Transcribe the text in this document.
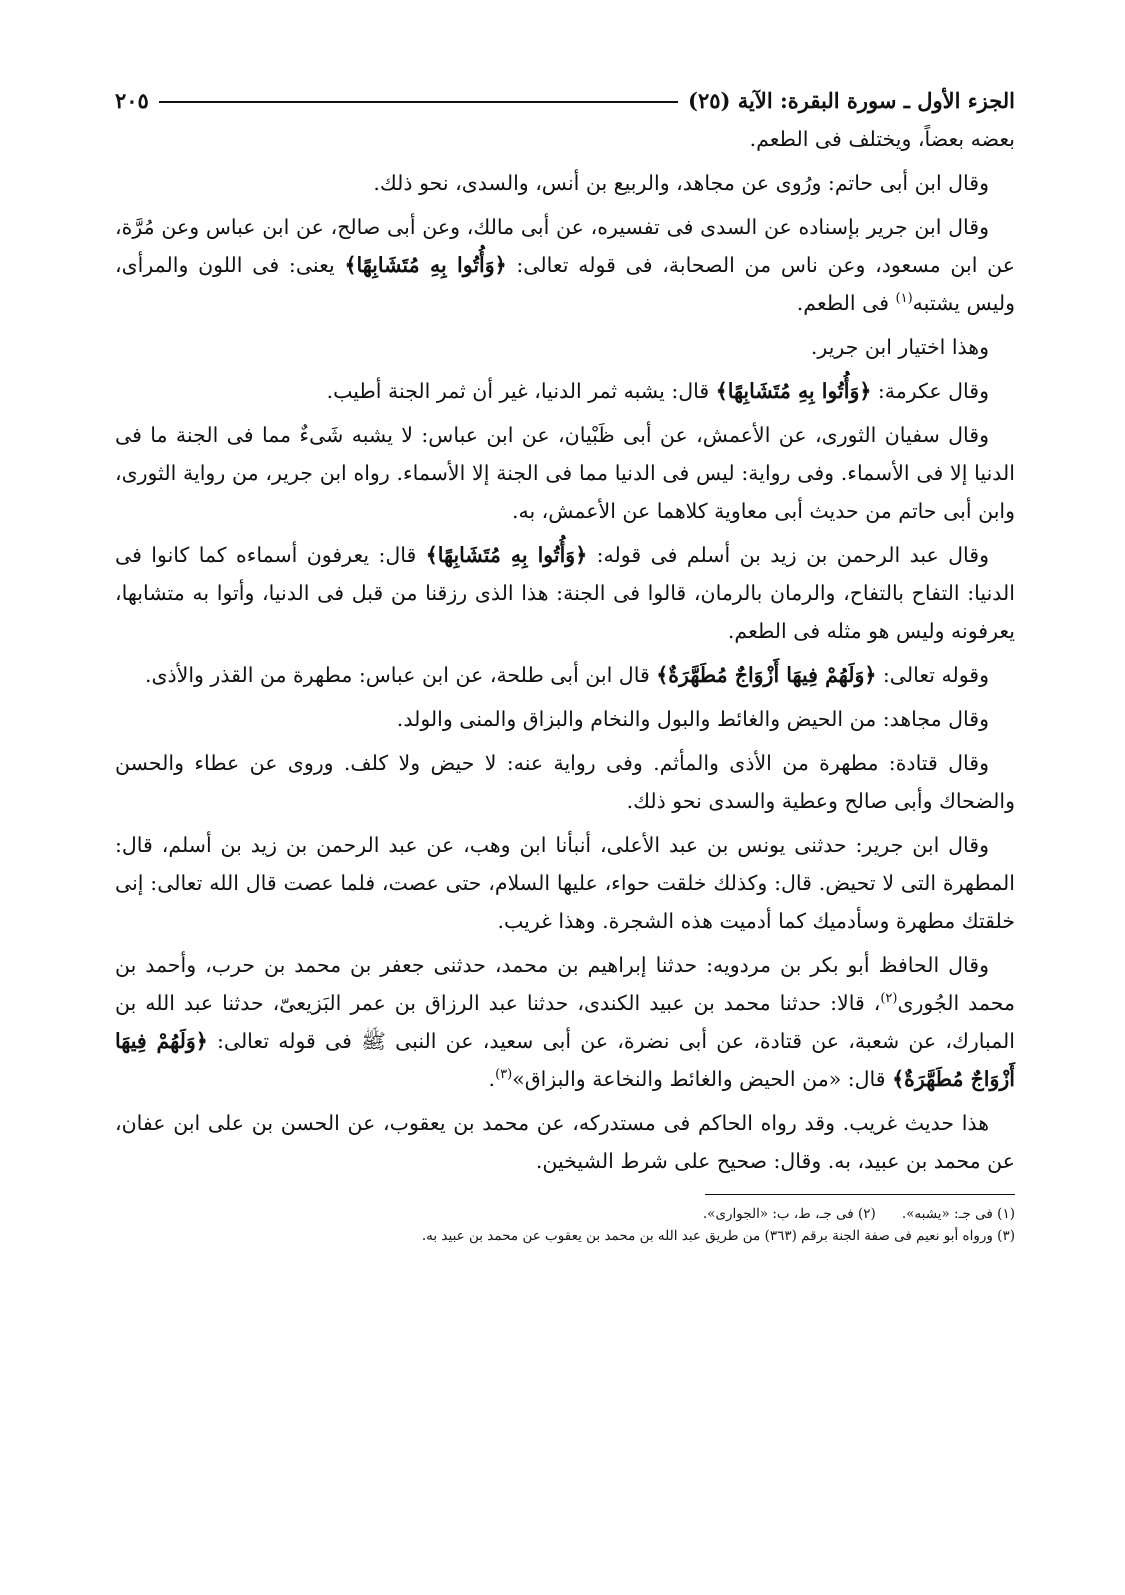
الجزء الأول ـ سورة البقرة: الآية (٢٥)
٢٠٥

بعضه بعضاً، ويختلف فى الطعم.

وقال ابن أبى حاتم: ورُوى عن مجاهد، والربيع بن أنس، والسدى، نحو ذلك.

وقال ابن جرير بإسناده عن السدى فى تفسيره، عن أبى مالك، وعن أبى صالح، عن ابن عباس وعن مُرَّة، عن ابن مسعود، وعن ناس من الصحابة، فى قوله تعالى: ﴿وَأُتُوا بِهِ مُتَشَابِهًا﴾ يعنى: فى اللون والمرأى، وليس يشتبه$^{(١)}$ فى الطعم.

وهذا اختيار ابن جرير.

وقال عكرمة: ﴿وَأُتُوا بِهِ مُتَشَابِهًا﴾ قال: يشبه ثمر الدنيا، غير أن ثمر الجنة أطيب.

وقال سفيان الثورى، عن الأعمش، عن أبى ظَبْيان، عن ابن عباس: لا يشبه شَىءٌ مما فى الجنة ما فى الدنيا إلا فى الأسماء. وفى رواية: ليس فى الدنيا مما فى الجنة إلا الأسماء. رواه ابن جرير، من رواية الثورى، وابن أبى حاتم من حديث أبى معاوية كلاهما عن الأعمش، به.

وقال عبد الرحمن بن زيد بن أسلم فى قوله: ﴿وَأُتُوا بِهِ مُتَشَابِهًا﴾ قال: يعرفون أسماءه كما كانوا فى الدنيا: التفاح بالتفاح، والرمان بالرمان، قالوا فى الجنة: هذا الذى رزقنا من قبل فى الدنيا، وأتوا به متشابها، يعرفونه وليس هو مثله فى الطعم.

وقوله تعالى: ﴿وَلَهُمْ فِيهَا أَزْوَاجٌ مُطَهَّرَةٌ﴾ قال ابن أبى طلحة، عن ابن عباس: مطهرة من القذر والأذى.

وقال مجاهد: من الحيض والغائط والبول والنخام والبزاق والمنى والولد.

وقال قتادة: مطهرة من الأذى والمأثم. وفى رواية عنه: لا حيض ولا كلف. وروى عن عطاء والحسن والضحاك وأبى صالح وعطية والسدى نحو ذلك.

وقال ابن جرير: حدثنى يونس بن عبد الأعلى، أنبأنا ابن وهب، عن عبد الرحمن بن زيد بن أسلم، قال: المطهرة التى لا تحيض. قال: وكذلك خلقت حواء، عليها السلام، حتى عصت، فلما عصت قال الله تعالى: إنى خلقتك مطهرة وسأدميك كما أدميت هذه الشجرة. وهذا غريب.

وقال الحافظ أبو بكر بن مردويه: حدثنا إبراهيم بن محمد، حدثنى جعفر بن محمد بن حرب، وأحمد بن محمد الجُورى$^{(٢)}$، قالا: حدثنا محمد بن عبيد الكندى، حدثنا عبد الرزاق بن عمر البَزيعىّ، حدثنا عبد الله بن المبارك، عن شعبة، عن قتادة، عن أبى نضرة، عن أبى سعيد، عن النبى ﷺ فى قوله تعالى: ﴿وَلَهُمْ فِيهَا أَزْوَاجٌ مُطَهَّرَةٌ﴾ قال: «من الحيض والغائط والنخاعة والبزاق»$^{(٣)}$.

هذا حديث غريب. وقد رواه الحاكم فى مستدركه، عن محمد بن يعقوب، عن الحسن بن على ابن عفان، عن محمد بن عبيد، به. وقال: صحيح على شرط الشيخين.

(١) فى جـ: «يشبه».(٢) فى جـ، ط، ب: «الجوارى».
(٣) ورواه أبو نعيم فى صفة الجنة برقم (٣٦٣) من طريق عبد الله بن محمد بن يعقوب عن محمد بن عبيد به.
